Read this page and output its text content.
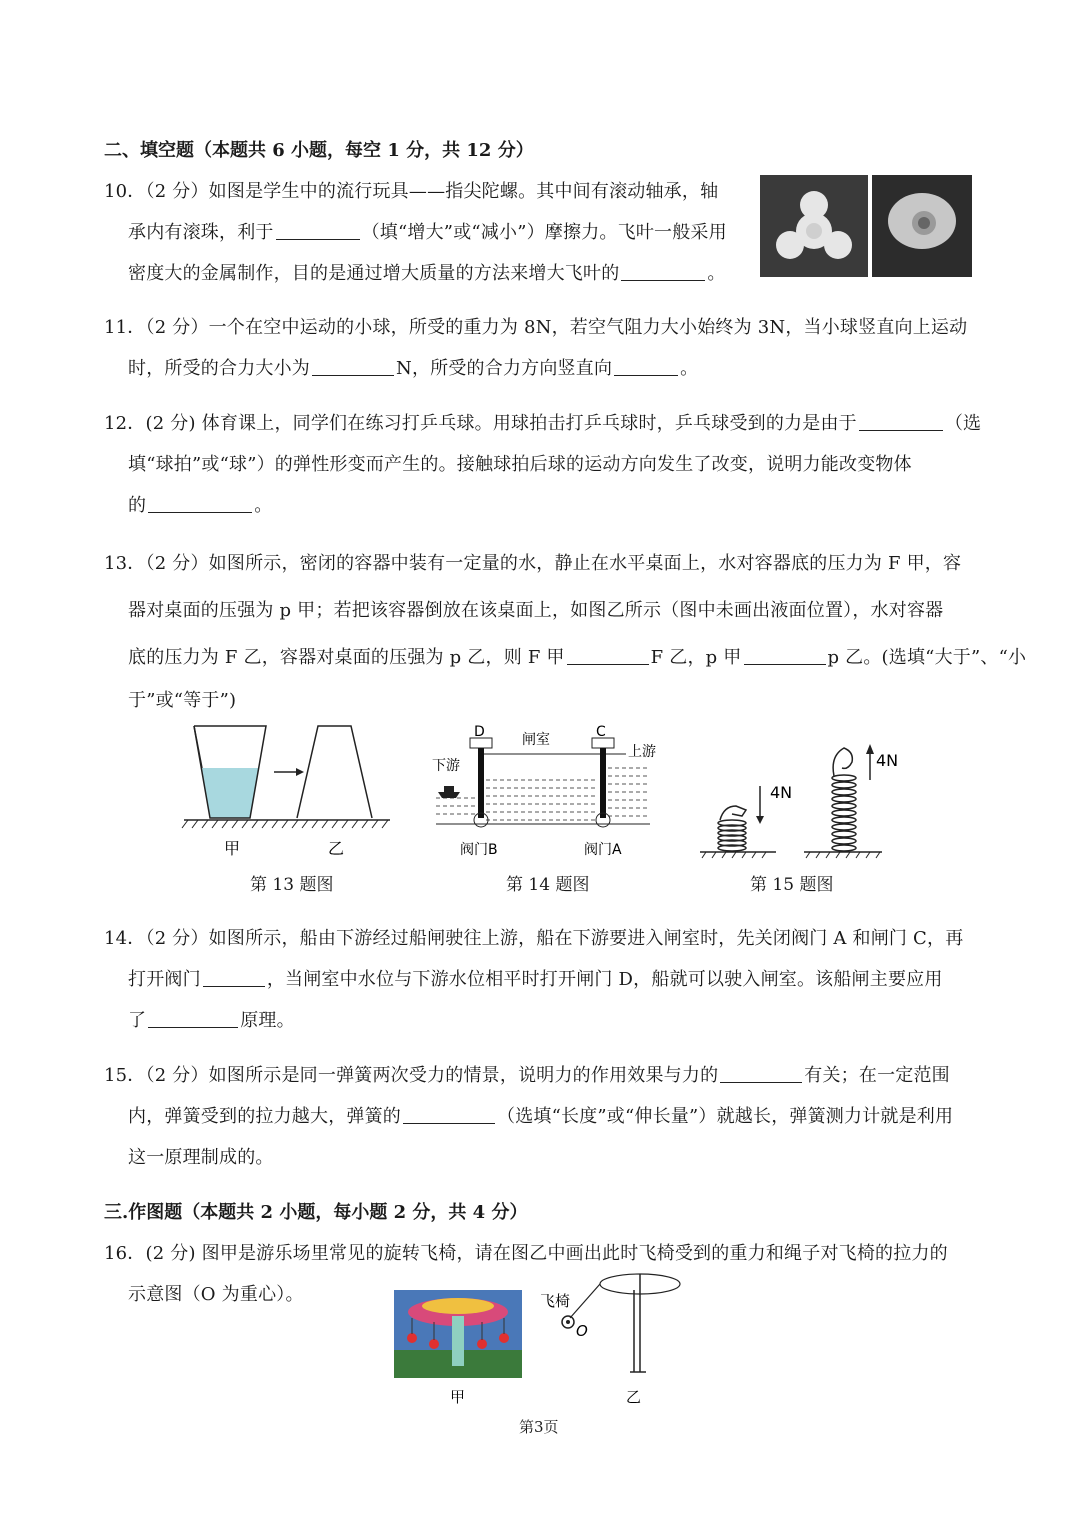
二、填空题（本题共 6 小题，每空 1 分，共 12 分）
10．（2 分）如图是学生中的流行玩具——指尖陀螺。其中间有滚动轴承，轴
承内有滚珠，利于	（填“增大”或“减小”）摩擦力。飞叶一般采用
密度大的金属制作，目的是通过增大质量的方法来增大飞叶的	。
11．（2 分）一个在空中运动的小球，所受的重力为 8N，若空气阻力大小始终为 3N，当小球竖直向上运动
时，所受的合力大小为	N，所受的合力方向竖直向	。
12．(2 分) 体育课上，同学们在练习打乒乓球。用球拍击打乒乓球时，乒乓球受到的力是由于	（选
填“球拍”或“球”）的弹性形变而产生的。接触球拍后球的运动方向发生了改变，说明力能改变物体
的	。
13．（2 分）如图所示，密闭的容器中装有一定量的水，静止在水平桌面上，水对容器底的压力为 F 甲，容
器对桌面的压强为 p 甲；若把该容器倒放在该桌面上，如图乙所示（图中未画出液面位置），水对容器
底的压力为 F 乙，容器对桌面的压强为 p 乙，则 F 甲	F 乙，p 甲	p 乙。(选填“大于”、“小
于”或“等于”)
甲	乙
第 13 题图
D	C
闸室
上游
下游
阀门B	阀门A
第 14 题图
4N
4N
第 15 题图
14．（2 分）如图所示，船由下游经过船闸驶往上游，船在下游要进入闸室时，先关闭阀门 A 和闸门 C，再
打开阀门	，当闸室中水位与下游水位相平时打开闸门 D，船就可以驶入闸室。该船闸主要应用
了	原理。
15．（2 分）如图所示是同一弹簧两次受力的情景，说明力的作用效果与力的	有关；在一定范围
内，弹簧受到的拉力越大，弹簧的	（选填“长度”或“伸长量”）就越长，弹簧测力计就是利用
这一原理制成的。
三.作图题（本题共 2 小题，每小题 2 分，共 4 分）
16．(2 分) 图甲是游乐场里常见的旋转飞椅，请在图乙中画出此时飞椅受到的重力和绳子对飞椅的拉力的
示意图（O 为重心）。
甲
飞椅
O
乙
第3页
